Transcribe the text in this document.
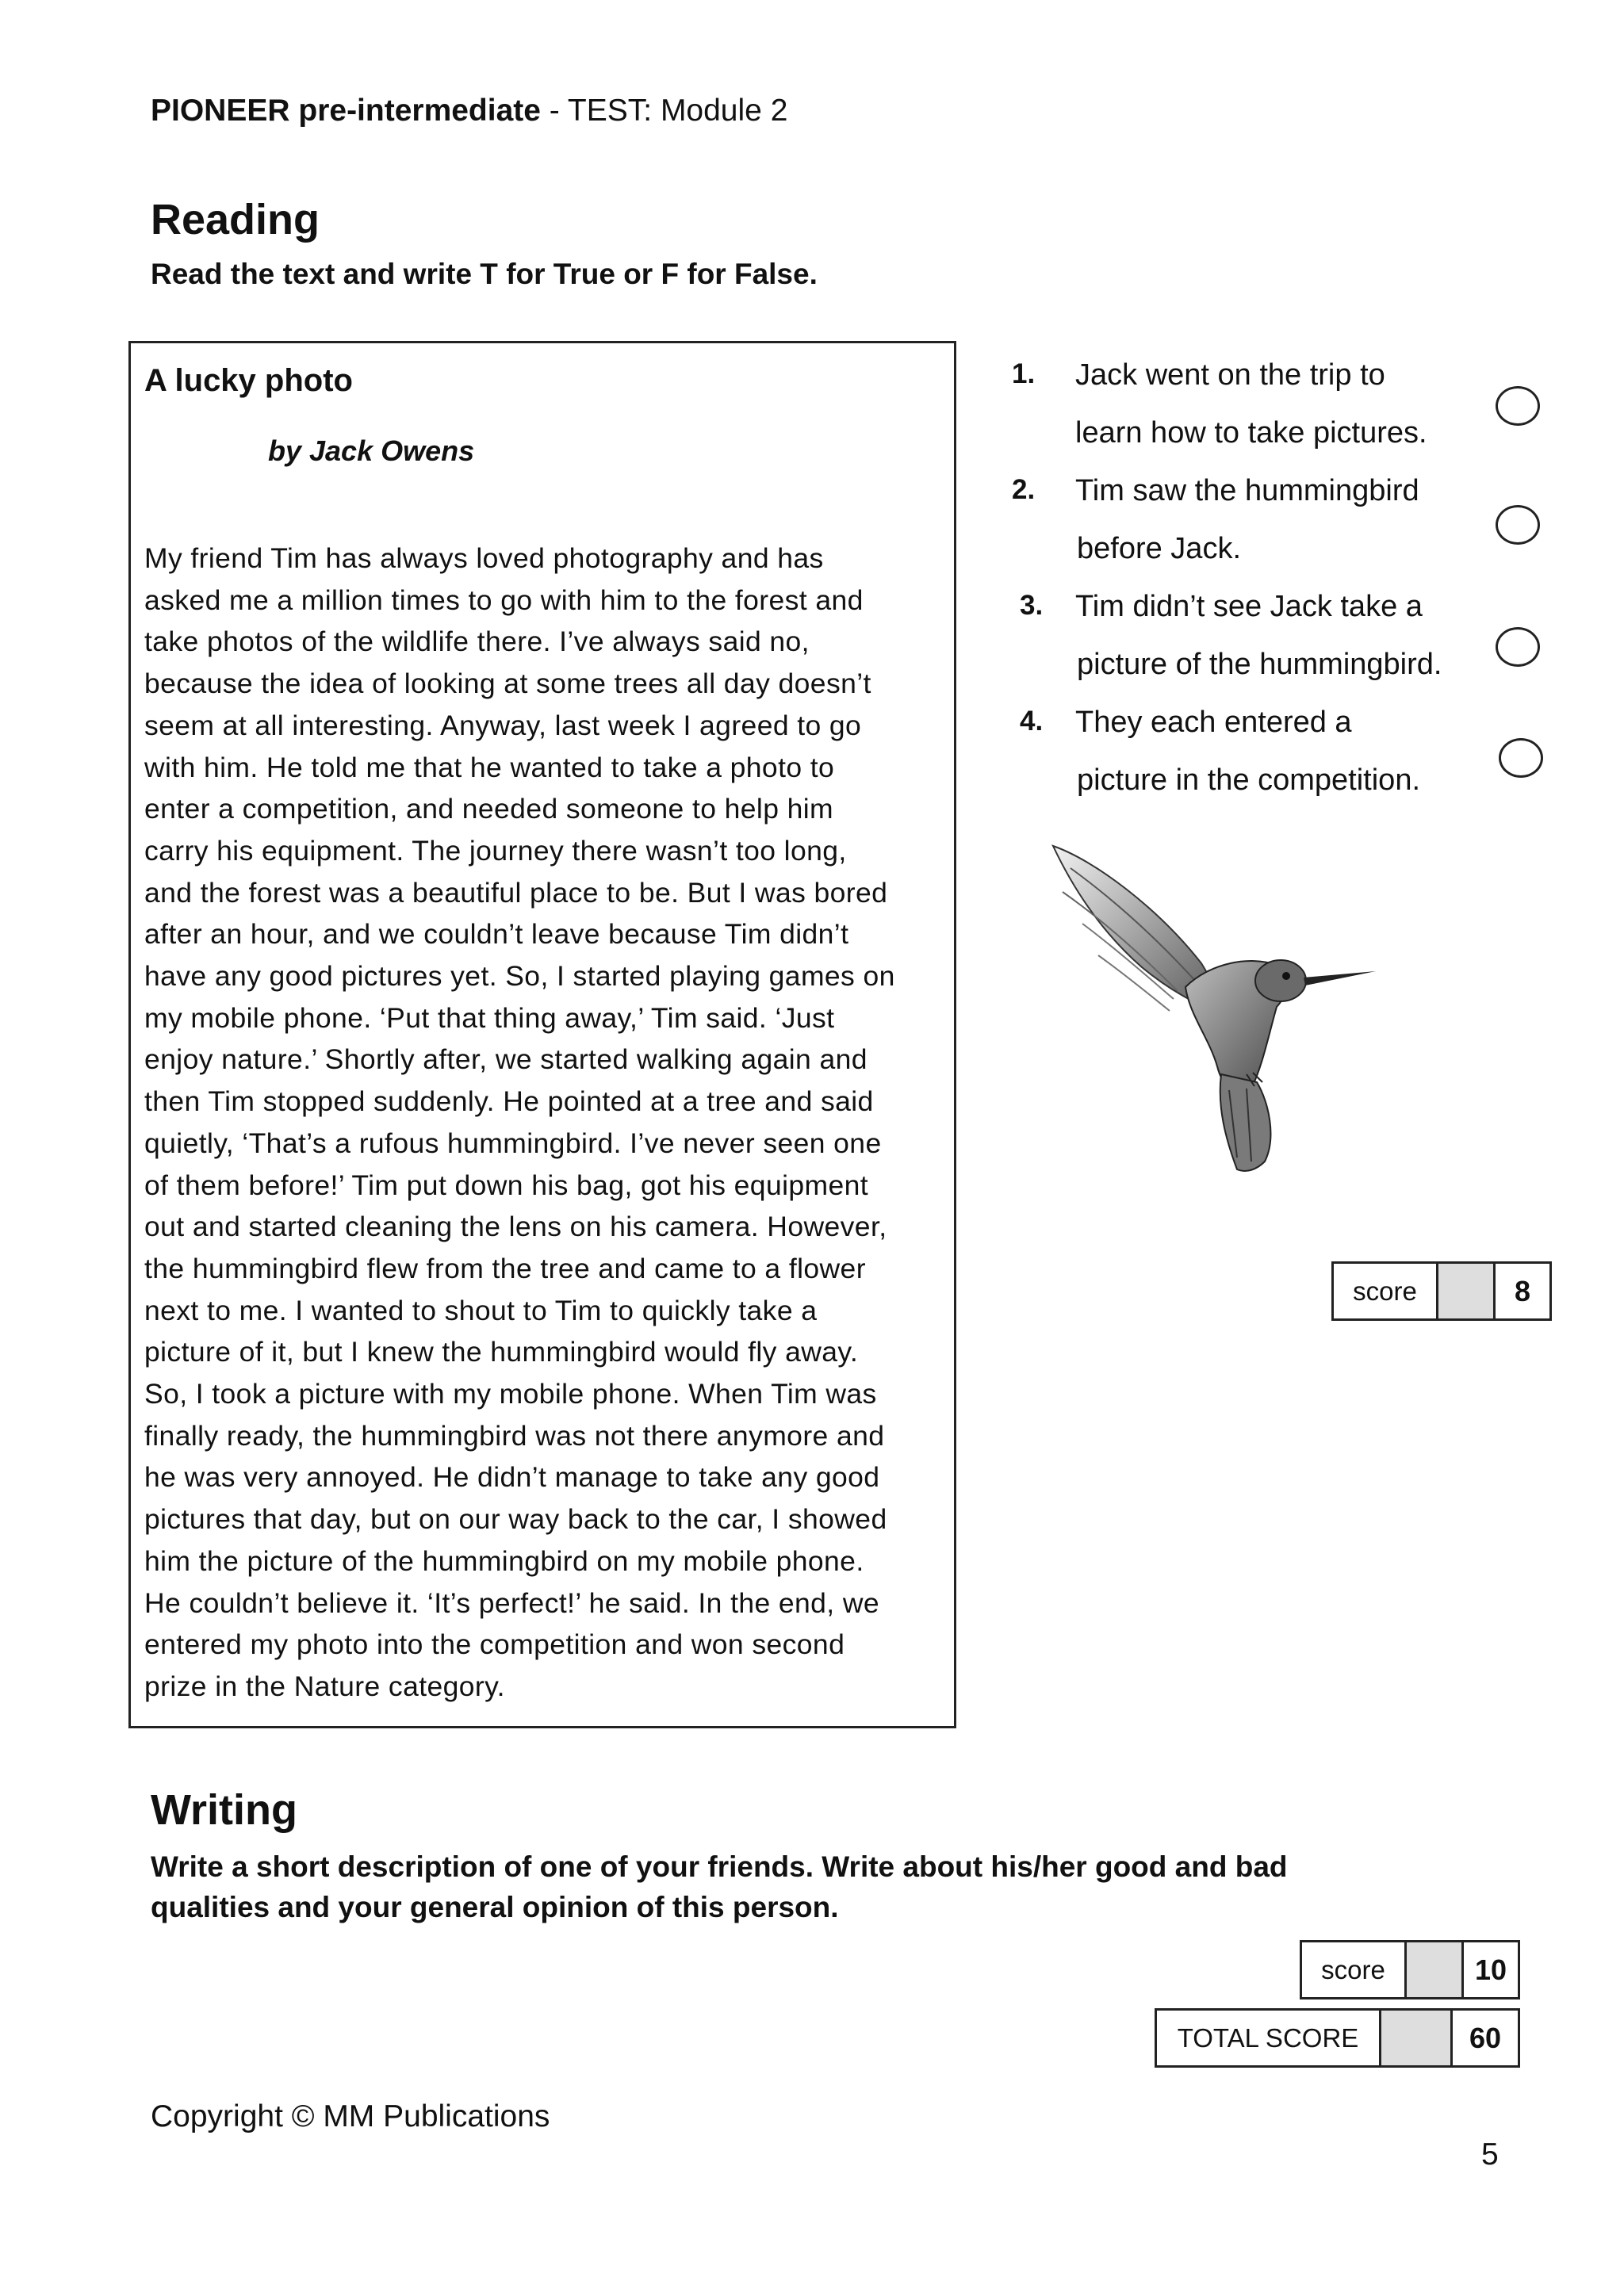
PIONEER pre-intermediate - TEST: Module 2
Reading
Read the text and write T for True or F for False.
A lucky photo
by Jack Owens
My friend Tim has always loved photography and has
asked me a million times to go with him to the forest and
take photos of the wildlife there. I’ve always said no,
because the idea of looking at some trees all day doesn’t
seem at all interesting. Anyway, last week I agreed to go
with him. He told me that he wanted to take a photo to
enter a competition, and needed someone to help him
carry his equipment. The journey there wasn’t too long,
and the forest was a beautiful place to be. But I was bored
after an hour, and we couldn’t leave because Tim didn’t
have any good pictures yet. So, I started playing games on
my mobile phone. ‘Put that thing away,’ Tim said. ‘Just
enjoy nature.’ Shortly after, we started walking again and
then Tim stopped suddenly. He pointed at a tree and said
quietly, ‘That’s a rufous hummingbird. I’ve never seen one
of them before!’ Tim put down his bag, got his equipment
out and started cleaning the lens on his camera. However,
the hummingbird flew from the tree and came to a flower
next to me. I wanted to shout to Tim to quickly take a
picture of it, but I knew the hummingbird would fly away.
So, I took a picture with my mobile phone. When Tim was
finally ready, the hummingbird was not there anymore and
he was very annoyed. He didn’t manage to take any good
pictures that day, but on our way back to the car, I showed
him the picture of the hummingbird on my mobile phone.
He couldn’t believe it. ‘It’s perfect!’ he said. In the end, we
entered my photo into the competition and won second
prize in the Nature category.
1. Jack went on the trip to
learn how to take pictures.
2. Tim saw the hummingbird
before Jack.
3. Tim didn’t see Jack take a
picture of the hummingbird.
4. They each entered a
picture in the competition.
score	8
Writing
Write a short description of one of your friends. Write about his/her good and bad
qualities and your general opinion of this person.
score	10
TOTAL SCORE	60
Copyright © MM Publications
5
